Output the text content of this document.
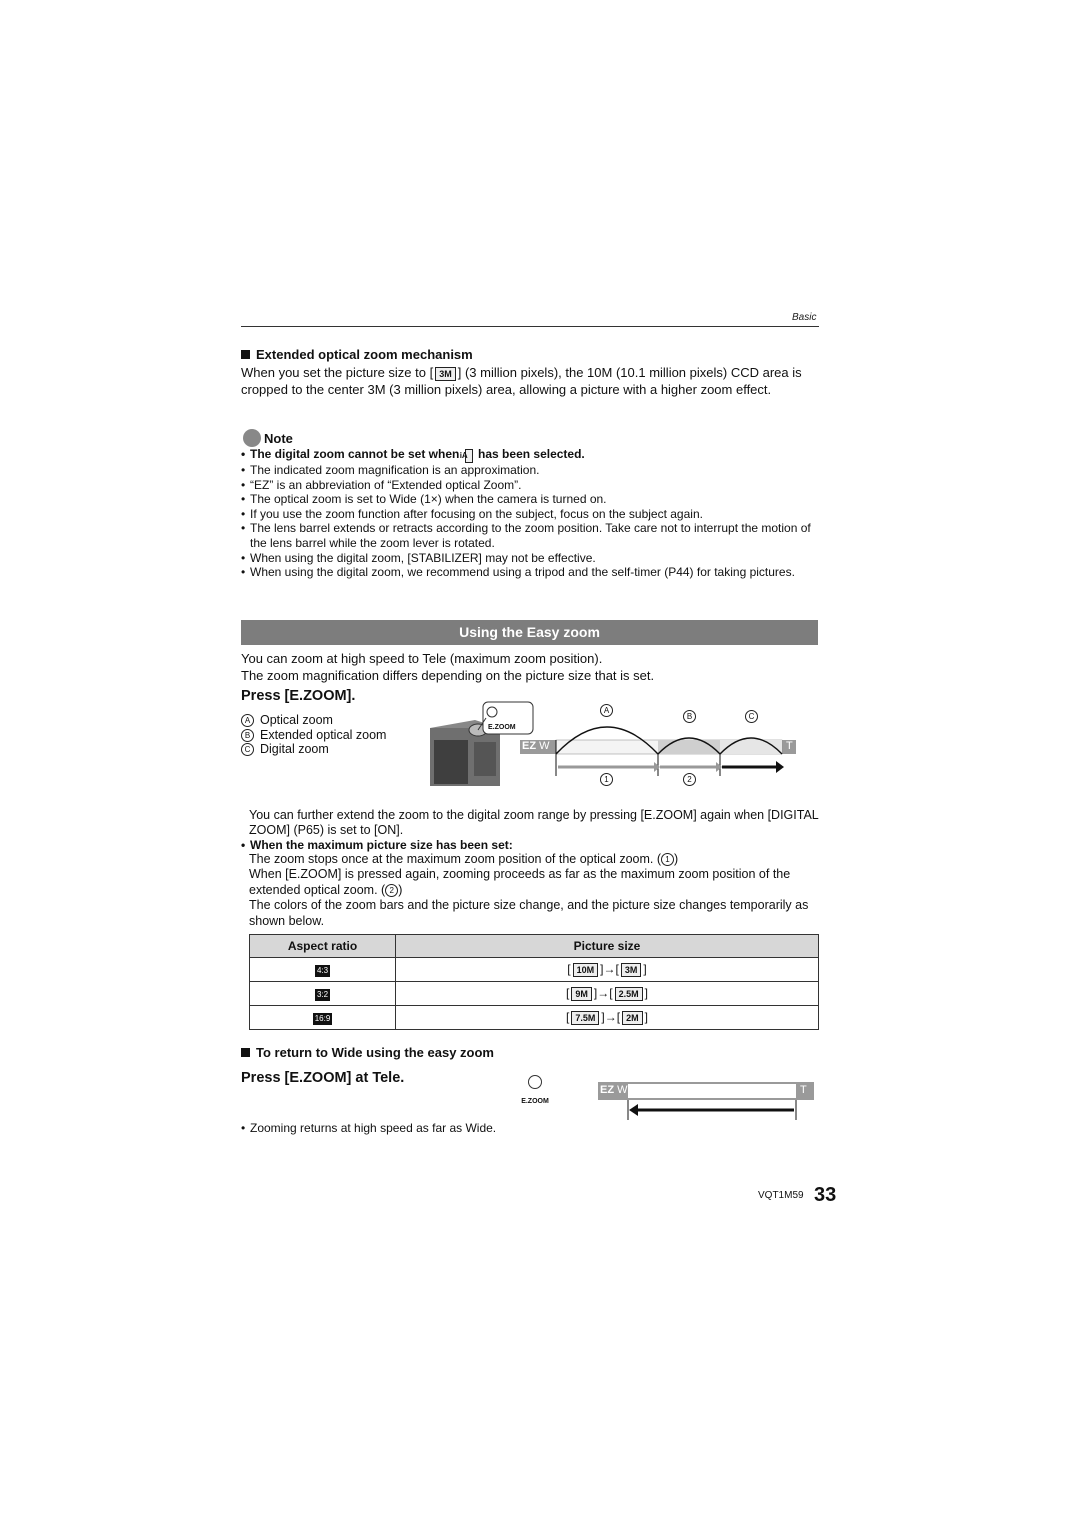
Basic
Extended optical zoom mechanism
When you set the picture size to [ 3M ] (3 million pixels), the 10M (10.1 million pixels) CCD area is cropped to the center 3M (3 million pixels) area, allowing a picture with a higher zoom effect.
Note
• The digital zoom cannot be set when iA has been selected.
• The indicated zoom magnification is an approximation.
• “EZ” is an abbreviation of “Extended optical Zoom”.
• The optical zoom is set to Wide (1×) when the camera is turned on.
• If you use the zoom function after focusing on the subject, focus on the subject again.
• The lens barrel extends or retracts according to the zoom position. Take care not to interrupt the motion of the lens barrel while the zoom lever is rotated.
• When using the digital zoom, [STABILIZER] may not be effective.
• When using the digital zoom, we recommend using a tripod and the self-timer (P44) for taking pictures.
Using the Easy zoom
You can zoom at high speed to Tele (maximum zoom position).
The zoom magnification differs depending on the picture size that is set.
Press [E.ZOOM].
A Optical zoom
B Extended optical zoom
C Digital zoom
E.ZOOM
EZ W	T
A
B	C
1	2
You can further extend the zoom to the digital zoom range by pressing [E.ZOOM] again when [DIGITAL ZOOM] (P65) is set to [ON].
• When the maximum picture size has been set:
The zoom stops once at the maximum zoom position of the optical zoom. ( 1 )
When [E.ZOOM] is pressed again, zooming proceeds as far as the maximum zoom position of the extended optical zoom. ( 2 )
The colors of the zoom bars and the picture size change, and the picture size changes temporarily as shown below.
Aspect ratio	Picture size
4:3	[ 10M ]→[ 3M ]
3:2	[ 9M ]→[ 2.5M ]
16:9	[ 7.5M ]→[ 2M ]
To return to Wide using the easy zoom
Press [E.ZOOM] at Tele.
E.ZOOM
EZ W	T
• Zooming returns at high speed as far as Wide.
VQT1M59 33
